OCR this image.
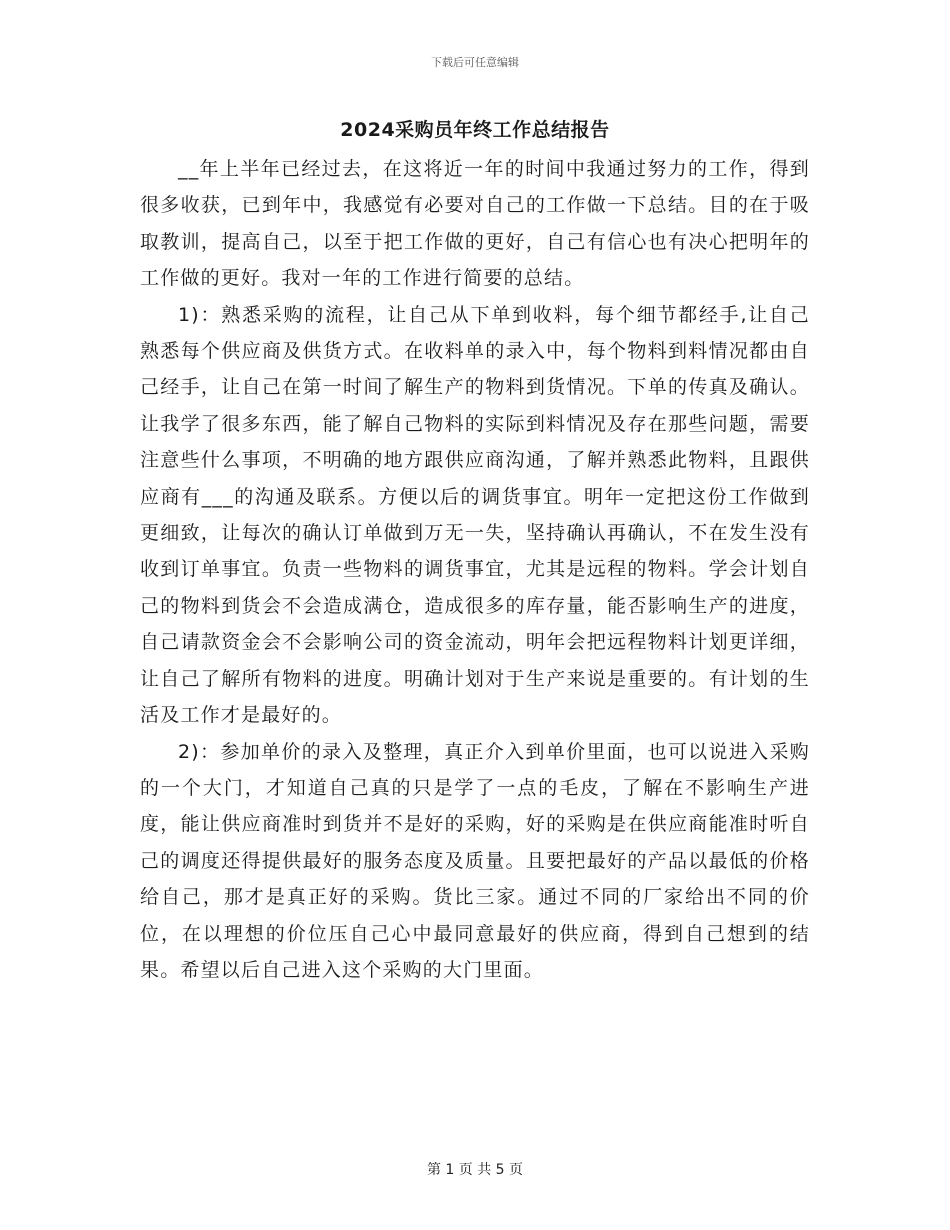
下载后可任意编辑
2024采购员年终工作总结报告

__年上半年已经过去，在这将近一年的时间中我通过努力的工作，得到很多收获，已到年中，我感觉有必要对自己的工作做一下总结。目的在于吸取教训，提高自己，以至于把工作做的更好，自己有信心也有决心把明年的工作做的更好。我对一年的工作进行简要的总结。

1)：熟悉采购的流程，让自己从下单到收料，每个细节都经手,让自己熟悉每个供应商及供货方式。在收料单的录入中，每个物料到料情况都由自己经手，让自己在第一时间了解生产的物料到货情况。下单的传真及确认。让我学了很多东西，能了解自己物料的实际到料情况及存在那些问题，需要注意些什么事项，不明确的地方跟供应商沟通，了解并熟悉此物料，且跟供应商有___的沟通及联系。方便以后的调货事宜。明年一定把这份工作做到更细致，让每次的确认订单做到万无一失，坚持确认再确认，不在发生没有收到订单事宜。负责一些物料的调货事宜，尤其是远程的物料。学会计划自己的物料到货会不会造成满仓，造成很多的库存量，能否影响生产的进度，自己请款资金会不会影响公司的资金流动，明年会把远程物料计划更详细，让自己了解所有物料的进度。明确计划对于生产来说是重要的。有计划的生活及工作才是最好的。

2)：参加单价的录入及整理，真正介入到单价里面，也可以说进入采购的一个大门，才知道自己真的只是学了一点的毛皮，了解在不影响生产进度，能让供应商准时到货并不是好的采购，好的采购是在供应商能准时听自己的调度还得提供最好的服务态度及质量。且要把最好的产品以最低的价格给自己，那才是真正好的采购。货比三家。通过不同的厂家给出不同的价位，在以理想的价位压自己心中最同意最好的供应商，得到自己想到的结果。希望以后自己进入这个采购的大门里面。

第 1 页 共 5 页
